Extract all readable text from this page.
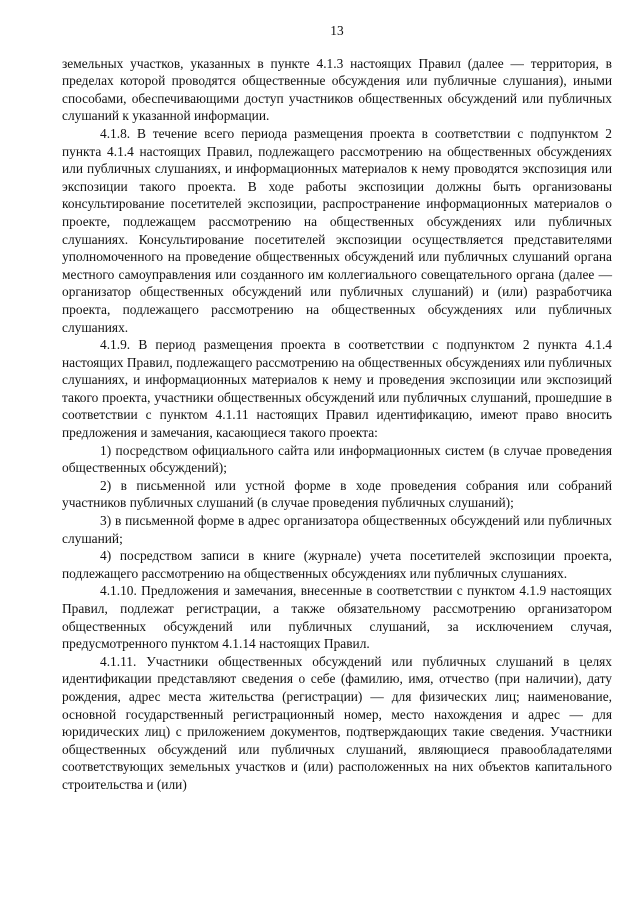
13

земельных участков, указанных в пункте 4.1.3 настоящих Правил (далее — территория, в пределах которой проводятся общественные обсуждения или публичные слушания), иными способами, обеспечивающими доступ участников общественных обсуждений или публичных слушаний к указанной информации.

4.1.8. В течение всего периода размещения проекта в соответствии с подпунктом 2 пункта 4.1.4 настоящих Правил, подлежащего рассмотрению на общественных обсуждениях или публичных слушаниях, и информационных материалов к нему проводятся экспозиция или экспозиции такого проекта. В ходе работы экспозиции должны быть организованы консультирование посетителей экспозиции, распространение информационных материалов о проекте, подлежащем рассмотрению на общественных обсуждениях или публичных слушаниях. Консультирование посетителей экспозиции осуществляется представителями уполномоченного на проведение общественных обсуждений или публичных слушаний органа местного самоуправления или созданного им коллегиального совещательного органа (далее — организатор общественных обсуждений или публичных слушаний) и (или) разработчика проекта, подлежащего рассмотрению на общественных обсуждениях или публичных слушаниях.

4.1.9. В период размещения проекта в соответствии с подпунктом 2 пункта 4.1.4 настоящих Правил, подлежащего рассмотрению на общественных обсуждениях или публичных слушаниях, и информационных материалов к нему и проведения экспозиции или экспозиций такого проекта, участники общественных обсуждений или публичных слушаний, прошедшие в соответствии с пунктом 4.1.11 настоящих Правил идентификацию, имеют право вносить предложения и замечания, касающиеся такого проекта:

1) посредством официального сайта или информационных систем (в случае проведения общественных обсуждений);

2) в письменной или устной форме в ходе проведения собрания или собраний участников публичных слушаний (в случае проведения публичных слушаний);

3) в письменной форме в адрес организатора общественных обсуждений или публичных слушаний;

4) посредством записи в книге (журнале) учета посетителей экспозиции проекта, подлежащего рассмотрению на общественных обсуждениях или публичных слушаниях.

4.1.10. Предложения и замечания, внесенные в соответствии с пунктом 4.1.9 настоящих Правил, подлежат регистрации, а также обязательному рассмотрению организатором общественных обсуждений или публичных слушаний, за исключением случая, предусмотренного пунктом 4.1.14 настоящих Правил.

4.1.11. Участники общественных обсуждений или публичных слушаний в целях идентификации представляют сведения о себе (фамилию, имя, отчество (при наличии), дату рождения, адрес места жительства (регистрации) — для физических лиц; наименование, основной государственный регистрационный номер, место нахождения и адрес — для юридических лиц) с приложением документов, подтверждающих такие сведения. Участники общественных обсуждений или публичных слушаний, являющиеся правообладателями соответствующих земельных участков и (или) расположенных на них объектов капитального строительства и (или)
